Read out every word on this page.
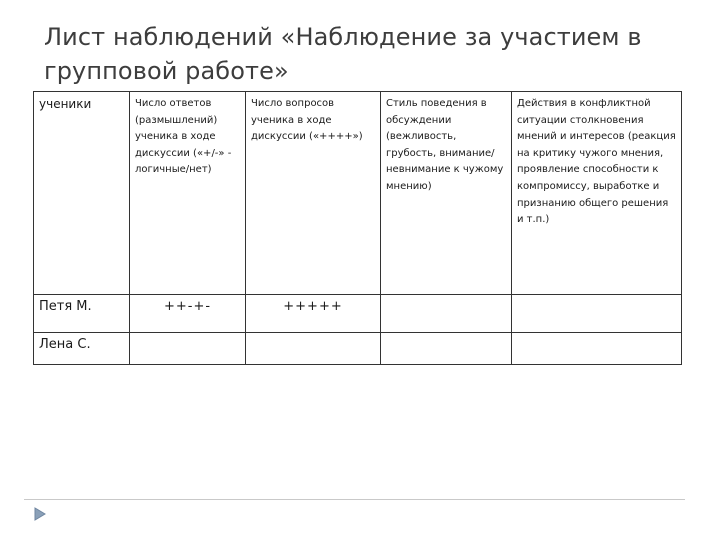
Лист наблюдений «Наблюдение за участием в групповой работе»
ученики	Число ответов (размышлений) ученика в ходе дискуссии («+/-» - логичные/нет)	Число вопросов ученика в ходе дискуссии («++++»)	Стиль поведения в обсуждении (вежливость, грубость, внимание/невнимание к чужому мнению)	Действия в конфликтной ситуации столкновения мнений и интересов (реакция на критику чужого мнения, проявление способности к компромиссу, выработке и признанию общего решения и т.п.)
Петя М.	++-+-	+++++		
Лена С.				
